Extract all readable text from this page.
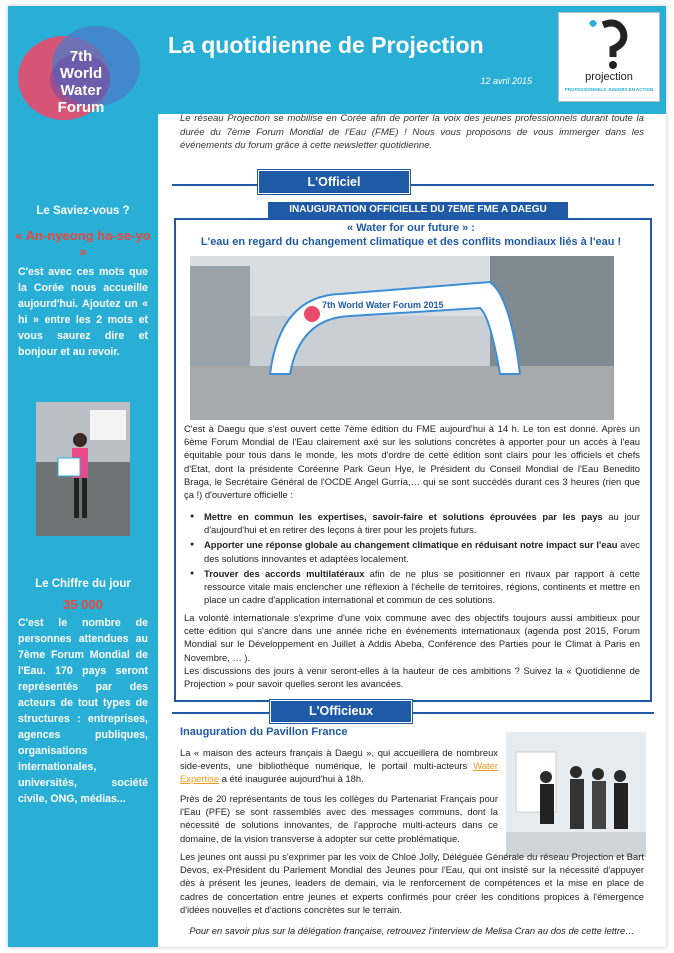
7th
World
Water
Forum
Le Saviez-vous ?
« An-nyeong ha-se-yo »
C'est avec ces mots que la Corée nous accueille aujourd'hui. Ajoutez un « hi » entre les 2 mots et vous saurez dire et bonjour et au revoir.
Le Chiffre du jour
35 000
C'est le nombre de personnes attendues au 7ème Forum Mondial de l'Eau. 170 pays seront représentés par des acteurs de tout types de structures : entreprises, agences publiques, organisations internationales, universités, société civile, ONG, médias...
La quotidienne de Projection
12 avril 2015	projection
PROFESSIONNELS JUNIORS EN ACTION
Le réseau Projection se mobilise en Corée afin de porter la voix des jeunes professionnels durant toute la durée du 7ème Forum Mondial de l'Eau (FME) ! Nous vous proposons de vous immerger dans les événements du forum grâce à cette newsletter quotidienne.
L'Officiel
INAUGURATION OFFICIELLE DU 7EME FME A DAEGU
« Water for our future » :
L'eau en regard du changement climatique et des conflits mondiaux liés à l'eau !
7th World Water Forum 2015
C'est à Daegu que s'est ouvert cette 7ème édition du FME aujourd'hui à 14 h. Le ton est donné. Après un 6ème Forum Mondial de l'Eau clairement axé sur les solutions concrètes à apporter pour un accès à l'eau équitable pour tous dans le monde, les mots d'ordre de cette édition sont clairs pour les officiels et chefs d'Etat, dont la présidente Coréenne Park Geun Hye, le Président du Conseil Mondial de l'Eau Benedito Braga, le Secrétaire Général de l'OCDE Angel Gurría,… qui se sont succédés durant ces 3 heures (rien que ça !) d'ouverture officielle :
● Mettre en commun les expertises, savoir-faire et solutions éprouvées par les pays au jour d'aujourd'hui et en retirer des leçons à tirer pour les projets futurs.
● Apporter une réponse globale au changement climatique en réduisant notre impact sur l'eau avec des solutions innovantes et adaptées localement.
● Trouver des accords multilatéraux afin de ne plus se positionner en rivaux par rapport à cette ressource vitale mais enclencher une réflexion à l'échelle de territoires, régions, continents et mettre en place un cadre d'application international et commun de ces solutions.
La volonté internationale s'exprime d'une voix commune avec des objectifs toujours aussi ambitieux pour cette édition qui s'ancre dans une année riche en événements internationaux (agenda post 2015, Forum Mondial sur le Développement en Juillet à Addis Abeba, Conférence des Parties pour le Climat à Paris en Novembre, … ).
Les discussions des jours à venir seront-elles à la hauteur de ces ambitions ? Suivez la « Quotidienne de Projection » pour savoir quelles seront les avancées.
L'Officieux
Inauguration du Pavillon France
La « maison des acteurs français à Daegu », qui accueillera de nombreux side-events, une bibliothèque numérique, le portail multi-acteurs Water Expertise a été inaugurée aujourd'hui à 18h.
Près de 20 représentants de tous les collèges du Partenariat Français pour l'Eau (PFE) se sont rassemblés avec des messages communs, dont la nécessité de solutions innovantes, de l'approche multi-acteurs dans ce domaine, de la vision transverse à adopter sur cette problématique.
Les jeunes ont aussi pu s'exprimer par les voix de Chloé Jolly, Déléguée Générale du réseau Projection et Bart Devos, ex-Président du Parlement Mondial des Jeunes pour l'Eau, qui ont insisté sur la nécessité d'appuyer dès à présent les jeunes, leaders de demain, via le renforcement de compétences et la mise en place de cadres de concertation entre jeunes et experts confirmés pour créer les conditions propices à l'émergence d'idées nouvelles et d'actions concrètes sur le terrain.
Pour en savoir plus sur la délégation française, retrouvez l'interview de Melisa Cran au dos de cette lettre…
